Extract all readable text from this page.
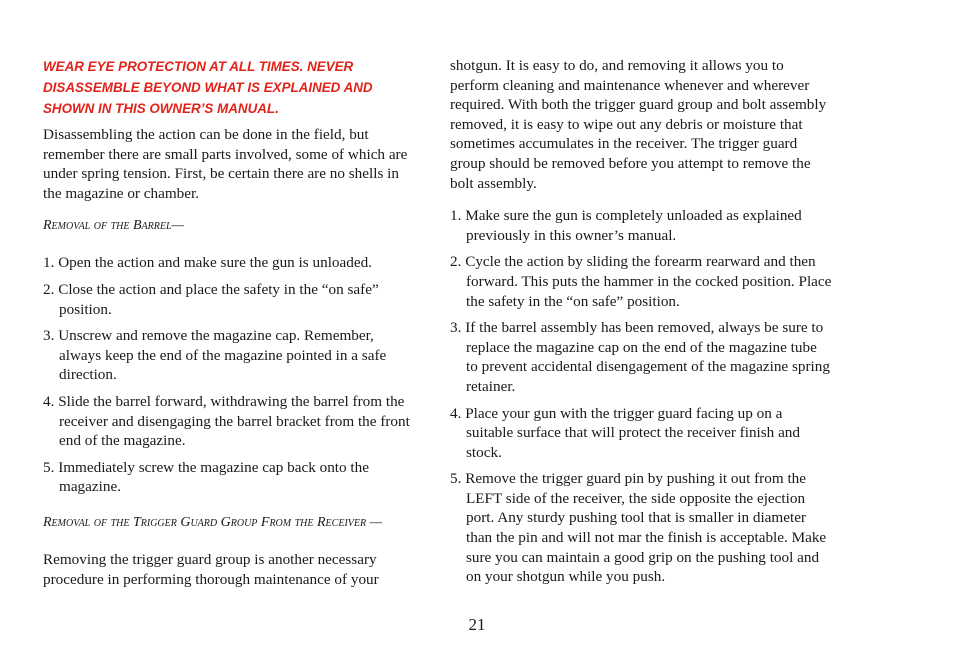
WEAR EYE PROTECTION AT ALL TIMES. NEVER DISASSEMBLE BEYOND WHAT IS EXPLAINED AND SHOWN IN THIS OWNER’S MANUAL.

Disassembling the action can be done in the field, but remember there are small parts involved, some of which are under spring tension. First, be certain there are no shells in the magazine or chamber.

Removal of the Barrel—
1. Open the action and make sure the gun is unloaded.
2. Close the action and place the safety in the “on safe” position.
3. Unscrew and remove the magazine cap. Remember, always keep the end of the magazine pointed in a safe direction.
4. Slide the barrel forward, withdrawing the barrel from the receiver and disengaging the barrel bracket from the front end of the magazine.
5. Immediately screw the magazine cap back onto the magazine.
Removal of the Trigger Guard Group From the Receiver —

Removing the trigger guard group is another necessary procedure in performing thorough maintenance of your

shotgun. It is easy to do, and removing it allows you to perform cleaning and maintenance whenever and wherever required. With both the trigger guard group and bolt assembly removed, it is easy to wipe out any debris or moisture that sometimes accumulates in the receiver. The trigger guard group should be removed before you attempt to remove the bolt assembly.

1. Make sure the gun is completely unloaded as explained previously in this owner’s manual.
2. Cycle the action by sliding the forearm rearward and then forward. This puts the hammer in the cocked position. Place the safety in the “on safe” position.
3. If the barrel assembly has been removed, always be sure to replace the magazine cap on the end of the magazine tube to prevent accidental disengagement of the magazine spring retainer.
4. Place your gun with the trigger guard facing up on a suitable surface that will protect the receiver finish and stock.
5. Remove the trigger guard pin by pushing it out from the LEFT side of the receiver, the side opposite the ejection port. Any sturdy pushing tool that is smaller in diameter than the pin and will not mar the finish is acceptable. Make sure you can maintain a good grip on the pushing tool and on your shotgun while you push.
21
